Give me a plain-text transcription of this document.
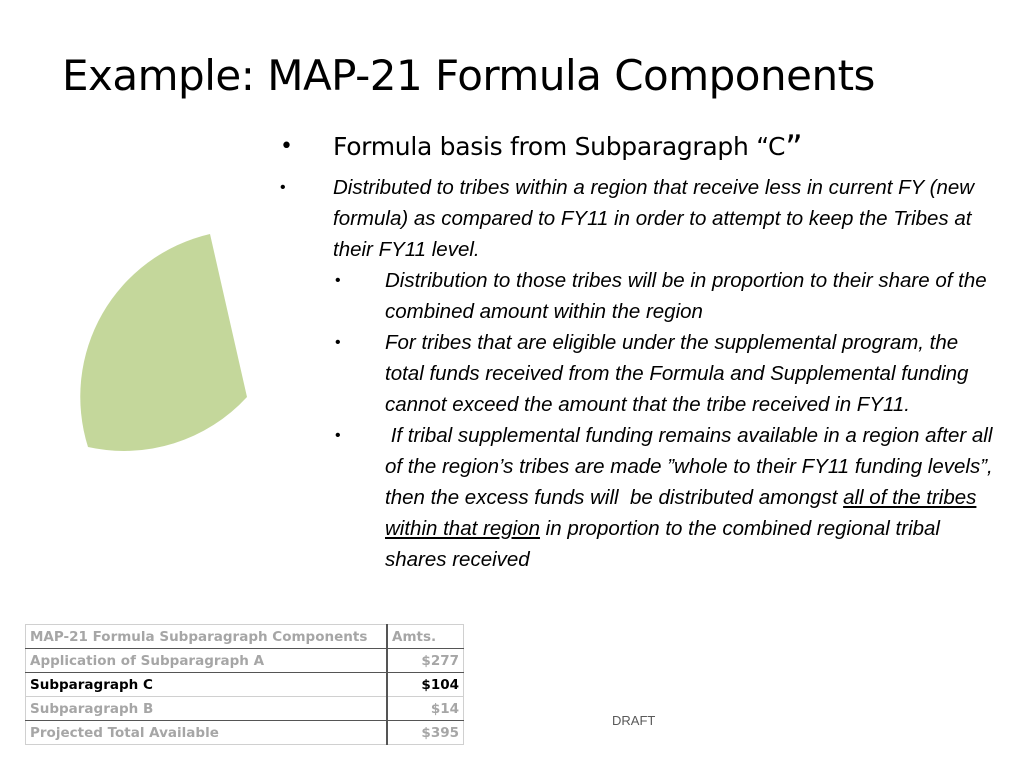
Example: MAP-21 Formula Components
• Formula basis from Subparagraph “C”
• Distributed to tribes within a region that receive less in current FY (new formula) as compared to FY11 in order to attempt to keep the Tribes at their FY11 level.
• Distribution to those tribes will be in proportion to their share of the combined amount within the region
• For tribes that are eligible under the supplemental program, the total funds received from the Formula and Supplemental funding cannot exceed the amount that the tribe received in FY11.
• If tribal supplemental funding remains available in a region after all of the region’s tribes are made ”whole to their FY11 funding levels”, then the excess funds will  be distributed amongst all of the tribes within that region in proportion to the combined regional tribal shares received
MAP-21 Formula Subparagraph Components	Amts.
Application of Subparagraph A	$277
Subparagraph C	$104
Subparagraph B	$14
Projected Total Available	$395
DRAFT
